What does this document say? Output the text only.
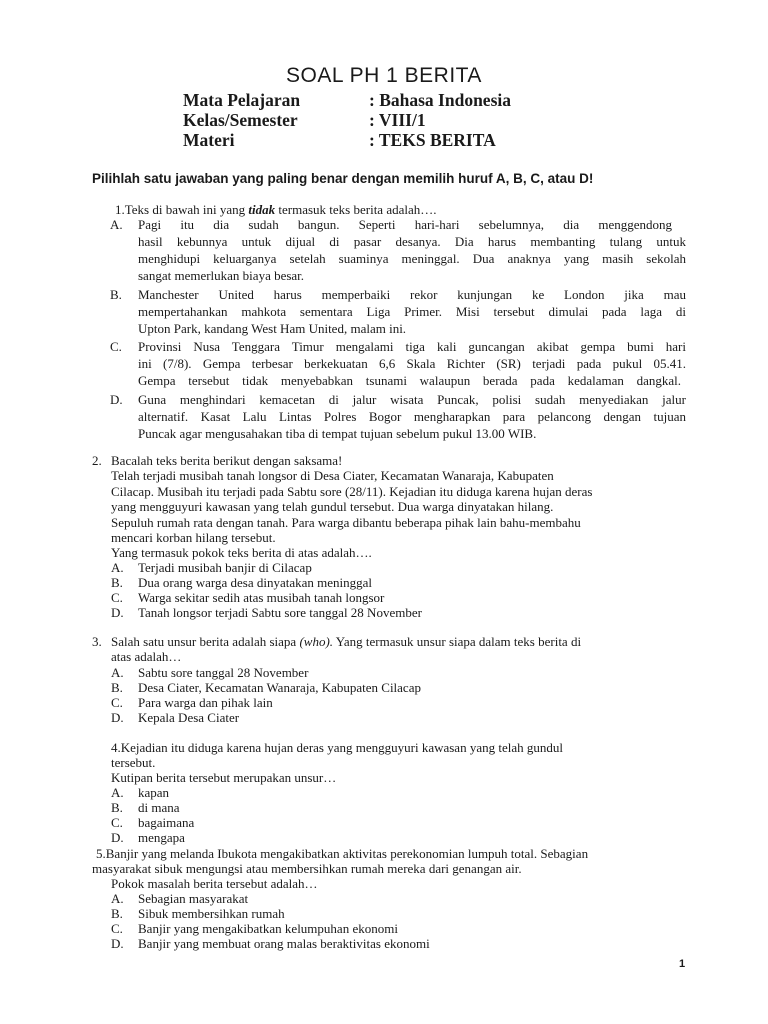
SOAL PH 1 BERITA
Mata Pelajaran	: Bahasa Indonesia
Kelas/Semester	: VIII/1
Materi	: TEKS BERITA
Pilihlah satu jawaban yang paling benar dengan memilih huruf A, B, C, atau D!
1.Teks di bawah ini yang tidak termasuk teks berita adalah….
A. Pagi itu dia sudah bangun. Seperti hari-hari sebelumnya, dia menggendong
hasil kebunnya untuk dijual di pasar desanya. Dia harus membanting tulang untuk
menghidupi keluarganya setelah suaminya meninggal. Dua anaknya yang masih sekolah
sangat memerlukan biaya besar.
B. Manchester United harus memperbaiki rekor kunjungan ke London jika mau
mempertahankan mahkota sementara Liga Primer. Misi tersebut dimulai pada laga di
Upton Park, kandang West Ham United, malam ini.
C. Provinsi Nusa Tenggara Timur mengalami tiga kali guncangan akibat gempa bumi hari
ini (7/8). Gempa terbesar berkekuatan 6,6 Skala Richter (SR) terjadi pada pukul 05.41.
Gempa tersebut tidak menyebabkan tsunami walaupun berada pada kedalaman dangkal.
D. Guna menghindari kemacetan di jalur wisata Puncak, polisi sudah menyediakan jalur
alternatif. Kasat Lalu Lintas Polres Bogor mengharapkan para pelancong dengan tujuan
Puncak agar mengusahakan tiba di tempat tujuan sebelum pukul 13.00 WIB.
2. Bacalah teks berita berikut dengan saksama!
Telah terjadi musibah tanah longsor di Desa Ciater, Kecamatan Wanaraja, Kabupaten
Cilacap. Musibah itu terjadi pada Sabtu sore (28/11). Kejadian itu diduga karena hujan deras
yang mengguyuri kawasan yang telah gundul tersebut. Dua warga dinyatakan hilang.
Sepuluh rumah rata dengan tanah. Para warga dibantu beberapa pihak lain bahu-membahu
mencari korban hilang tersebut.
Yang termasuk pokok teks berita di atas adalah….
A. Terjadi musibah banjir di Cilacap
B. Dua orang warga desa dinyatakan meninggal
C. Warga sekitar sedih atas musibah tanah longsor
D. Tanah longsor terjadi Sabtu sore tanggal 28 November
3. Salah satu unsur berita adalah siapa (who). Yang termasuk unsur siapa dalam teks berita di
atas adalah…
A. Sabtu sore tanggal 28 November
B. Desa Ciater, Kecamatan Wanaraja, Kabupaten Cilacap
C. Para warga dan pihak lain
D. Kepala Desa Ciater
4.Kejadian itu diduga karena hujan deras yang mengguyuri kawasan yang telah gundul
tersebut.
Kutipan berita tersebut merupakan unsur…
A. kapan
B. di mana
C. bagaimana
D. mengapa
5.Banjir yang melanda Ibukota mengakibatkan aktivitas perekonomian lumpuh total. Sebagian
masyarakat sibuk mengungsi atau membersihkan rumah mereka dari genangan air.
Pokok masalah berita tersebut adalah…
A. Sebagian masyarakat
B. Sibuk membersihkan rumah
C. Banjir yang mengakibatkan kelumpuhan ekonomi
D. Banjir yang membuat orang malas beraktivitas ekonomi
1
